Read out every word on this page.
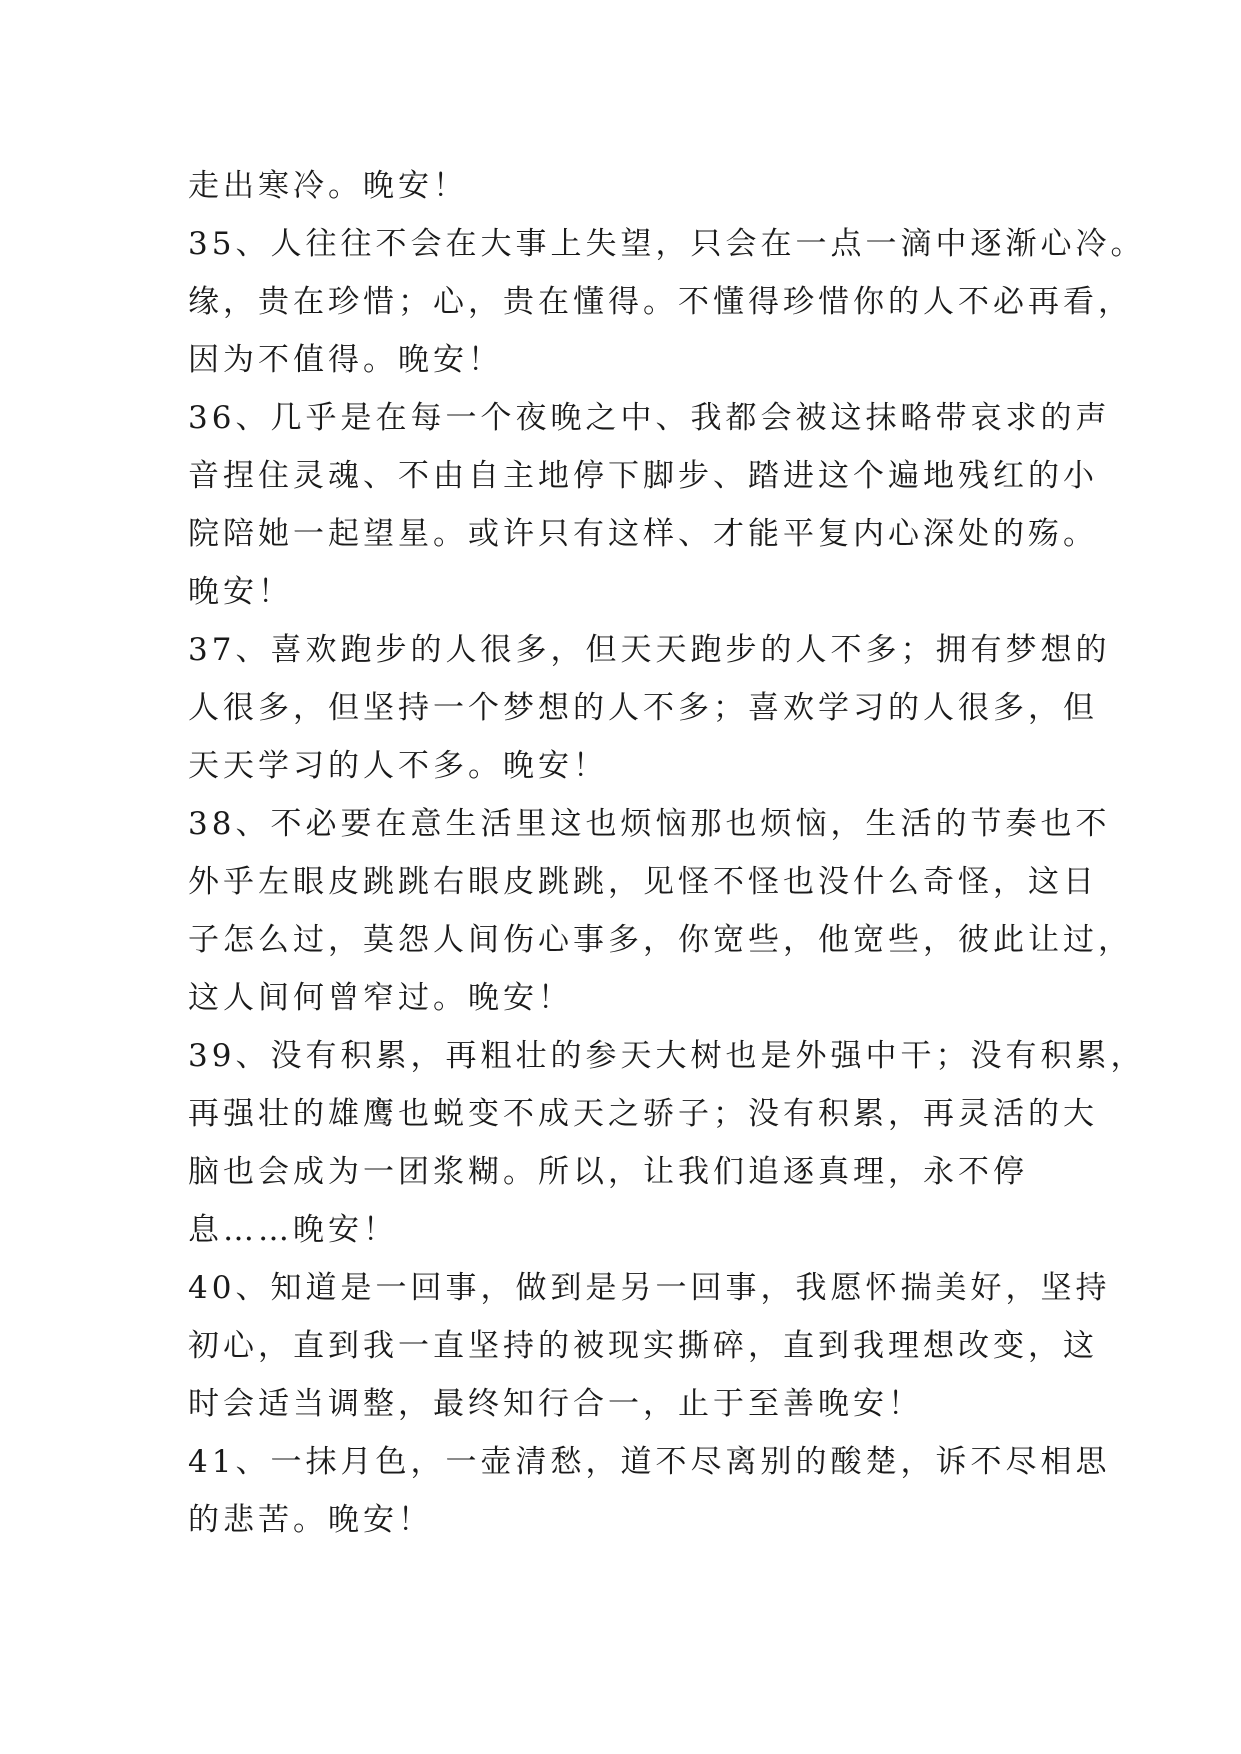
走出寒冷。晚安！
35、人往往不会在大事上失望，只会在一点一滴中逐渐心冷。
缘，贵在珍惜；心，贵在懂得。不懂得珍惜你的人不必再看，
因为不值得。晚安！
36、几乎是在每一个夜晚之中、我都会被这抹略带哀求的声
音捏住灵魂、不由自主地停下脚步、踏进这个遍地残红的小
院陪她一起望星。或许只有这样、才能平复内心深处的殇。
晚安！
37、喜欢跑步的人很多，但天天跑步的人不多；拥有梦想的
人很多，但坚持一个梦想的人不多；喜欢学习的人很多，但
天天学习的人不多。晚安！
38、不必要在意生活里这也烦恼那也烦恼，生活的节奏也不
外乎左眼皮跳跳右眼皮跳跳，见怪不怪也没什么奇怪，这日
子怎么过，莫怨人间伤心事多，你宽些，他宽些，彼此让过，
这人间何曾窄过。晚安！
39、没有积累，再粗壮的参天大树也是外强中干；没有积累，
再强壮的雄鹰也蜕变不成天之骄子；没有积累，再灵活的大
脑也会成为一团浆糊。所以，让我们追逐真理，永不停
息……晚安！
40、知道是一回事，做到是另一回事，我愿怀揣美好，坚持
初心，直到我一直坚持的被现实撕碎，直到我理想改变，这
时会适当调整，最终知行合一，止于至善晚安！
41、一抹月色，一壶清愁，道不尽离别的酸楚，诉不尽相思
的悲苦。晚安！
